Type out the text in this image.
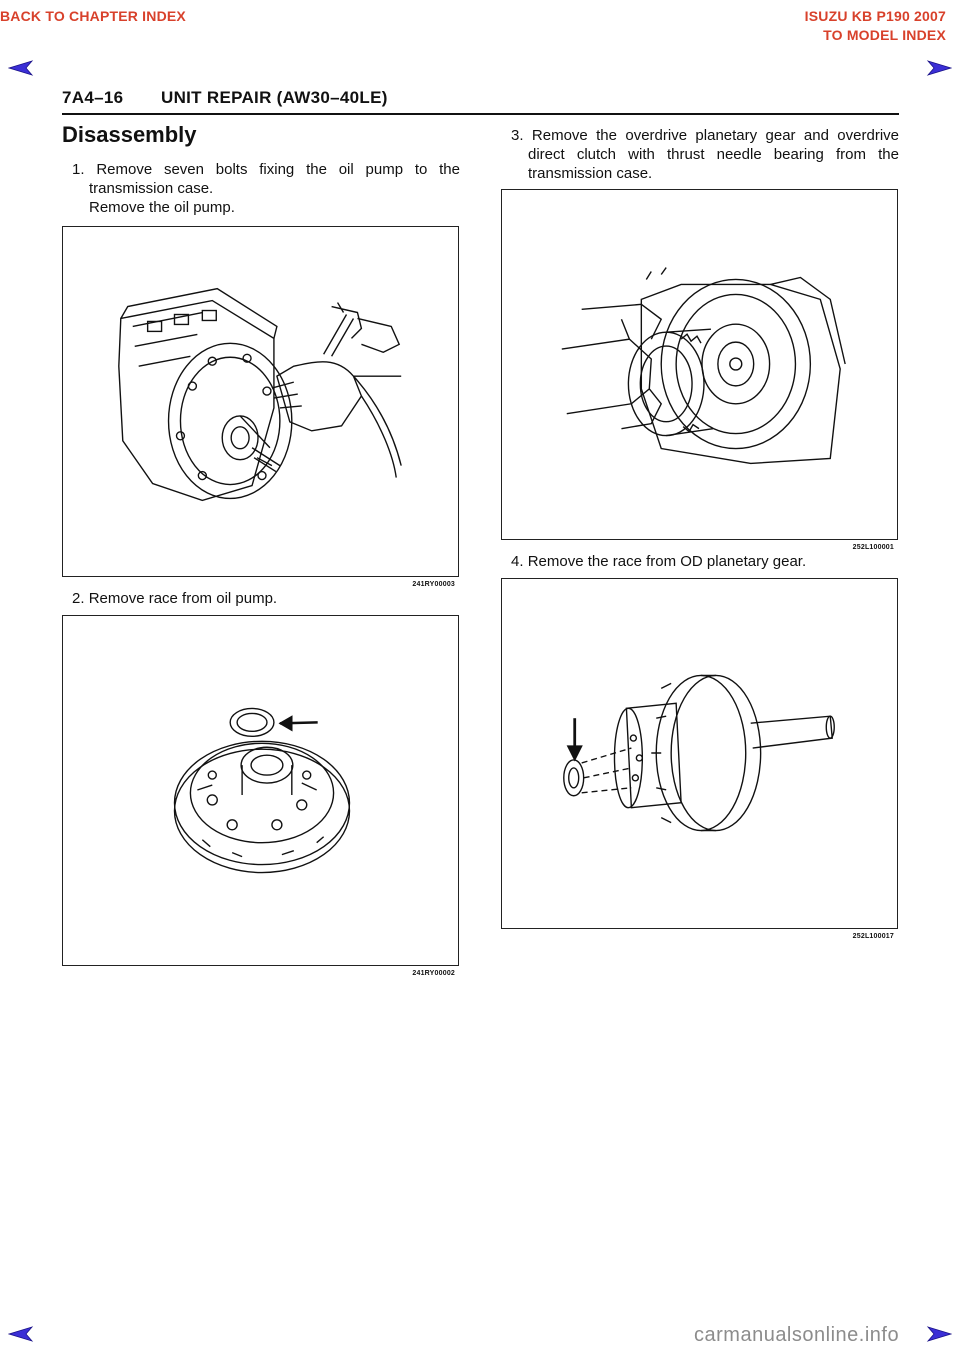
BACK TO CHAPTER INDEX	ISUZU KB P190 2007
TO MODEL INDEX
7A4–16 UNIT REPAIR (AW30–40LE)
Disassembly
1. Remove seven bolts fixing the oil pump to the
transmission case.
Remove the oil pump.
241RY00003
2. Remove race from oil pump.
241RY00002
3. Remove the overdrive planetary gear and overdrive
direct clutch with thrust needle bearing from the
transmission case.
252L100001
4. Remove the race from OD planetary gear.
252L100017
carmanualsonline.info
